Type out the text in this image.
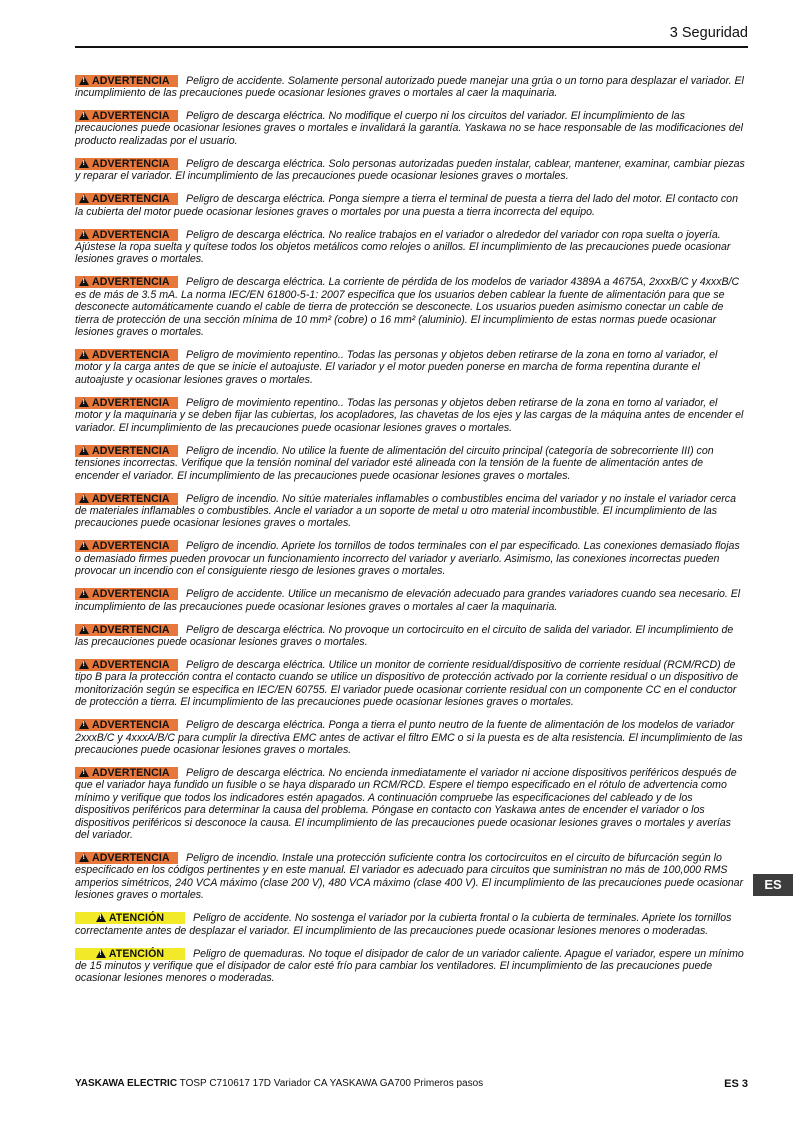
3 Seguridad

!ADVERTENCIA Peligro de accidente. Solamente personal autorizado puede manejar una grúa o un torno para desplazar el variador. El incumplimiento de las precauciones puede ocasionar lesiones graves o mortales al caer la maquinaria.

!ADVERTENCIA Peligro de descarga eléctrica. No modifique el cuerpo ni los circuitos del variador. El incumplimiento de las precauciones puede ocasionar lesiones graves o mortales e invalidará la garantía. Yaskawa no se hace responsable de las modificaciones del producto realizadas por el usuario.

!ADVERTENCIA Peligro de descarga eléctrica. Solo personas autorizadas pueden instalar, cablear, mantener, examinar, cambiar piezas y reparar el variador. El incumplimiento de las precauciones puede ocasionar lesiones graves o mortales.

!ADVERTENCIA Peligro de descarga eléctrica. Ponga siempre a tierra el terminal de puesta a tierra del lado del motor. El contacto con la cubierta del motor puede ocasionar lesiones graves o mortales por una puesta a tierra incorrecta del equipo.

!ADVERTENCIA Peligro de descarga eléctrica. No realice trabajos en el variador o alrededor del variador con ropa suelta o joyería. Ajústese la ropa suelta y quítese todos los objetos metálicos como relojes o anillos. El incumplimiento de las precauciones puede ocasionar lesiones graves o mortales.

!ADVERTENCIA Peligro de descarga eléctrica. La corriente de pérdida de los modelos de variador 4389A a 4675A, 2xxxB/C y 4xxxB/C es de más de 3.5 mA. La norma IEC/EN 61800-5-1: 2007 especifica que los usuarios deben cablear la fuente de alimentación para que se desconecte automáticamente cuando el cable de tierra de protección se desconecte. Los usuarios pueden asimismo conectar un cable de tierra de protección de una sección mínima de 10 mm² (cobre) o 16 mm² (aluminio). El incumplimiento de estas normas puede ocasionar lesiones graves o mortales.

!ADVERTENCIA Peligro de movimiento repentino.. Todas las personas y objetos deben retirarse de la zona en torno al variador, el motor y la carga antes de que se inicie el autoajuste. El variador y el motor pueden ponerse en marcha de forma repentina durante el autoajuste y ocasionar lesiones graves o mortales.

!ADVERTENCIA Peligro de movimiento repentino.. Todas las personas y objetos deben retirarse de la zona en torno al variador, el motor y la maquinaria y se deben fijar las cubiertas, los acopladores, las chavetas de los ejes y las cargas de la máquina antes de encender el variador. El incumplimiento de las precauciones puede ocasionar lesiones graves o mortales.

!ADVERTENCIA Peligro de incendio. No utilice la fuente de alimentación del circuito principal (categoría de sobrecorriente III) con tensiones incorrectas. Verifique que la tensión nominal del variador esté alineada con la tensión de la fuente de alimentación antes de encender el variador. El incumplimiento de las precauciones puede ocasionar lesiones graves o mortales.

!ADVERTENCIA Peligro de incendio. No sitúe materiales inflamables o combustibles encima del variador y no instale el variador cerca de materiales inflamables o combustibles. Ancle el variador a un soporte de metal u otro material incombustible. El incumplimiento de las precauciones puede ocasionar lesiones graves o mortales.

!ADVERTENCIA Peligro de incendio. Apriete los tornillos de todos terminales con el par especificado. Las conexiones demasiado flojas o demasiado firmes pueden provocar un funcionamiento incorrecto del variador y averiarlo. Asimismo, las conexiones incorrectas pueden provocar un incendio con el consiguiente riesgo de lesiones graves o mortales.

!ADVERTENCIA Peligro de accidente. Utilice un mecanismo de elevación adecuado para grandes variadores cuando sea necesario. El incumplimiento de las precauciones puede ocasionar lesiones graves o mortales al caer la maquinaria.

!ADVERTENCIA Peligro de descarga eléctrica. No provoque un cortocircuito en el circuito de salida del variador. El incumplimiento de las precauciones puede ocasionar lesiones graves o mortales.

!ADVERTENCIA Peligro de descarga eléctrica. Utilice un monitor de corriente residual/dispositivo de corriente residual (RCM/RCD) de tipo B para la protección contra el contacto cuando se utilice un dispositivo de protección activado por la corriente residual o un dispositivo de monitorización según se especifica en IEC/EN 60755. El variador puede ocasionar corriente residual con un componente CC en el conductor de protección a tierra. El incumplimiento de las precauciones puede ocasionar lesiones graves o mortales.

!ADVERTENCIA Peligro de descarga eléctrica. Ponga a tierra el punto neutro de la fuente de alimentación de los modelos de variador 2xxxB/C y 4xxxA/B/C para cumplir la directiva EMC antes de activar el filtro EMC o si la puesta es de alta resistencia. El incumplimiento de las precauciones puede ocasionar lesiones graves o mortales.

!ADVERTENCIA Peligro de descarga eléctrica. No encienda inmediatamente el variador ni accione dispositivos periféricos después de que el variador haya fundido un fusible o se haya disparado un RCM/RCD. Espere el tiempo especificado en el rótulo de advertencia como mínimo y verifique que todos los indicadores estén apagados. A continuación compruebe las especificaciones del cableado y de los dispositivos periféricos para determinar la causa del problema. Póngase en contacto con Yaskawa antes de encender el variador o los dispositivos periféricos si desconoce la causa. El incumplimiento de las precauciones puede ocasionar lesiones graves o mortales y averías del variador.

!ADVERTENCIA Peligro de incendio. Instale una protección suficiente contra los cortocircuitos en el circuito de bifurcación según lo especificado en los códigos pertinentes y en este manual. El variador es adecuado para circuitos que suministran no más de 100,000 RMS amperios simétricos, 240 VCA máximo (clase 200 V), 480 VCA máximo (clase 400 V). El incumplimiento de las precauciones puede ocasionar lesiones graves o mortales.

!ATENCIÓN	Peligro de accidente. No sostenga el variador por la cubierta frontal o la cubierta de terminales. Apriete los tornillos correctamente antes de desplazar el variador. El incumplimiento de las precauciones puede ocasionar lesiones menores o moderadas.

!ATENCIÓN	Peligro de quemaduras. No toque el disipador de calor de un variador caliente. Apague el variador, espere un mínimo de 15 minutos y verifique que el disipador de calor esté frío para cambiar los ventiladores. El incumplimiento de las precauciones puede ocasionar lesiones menores o moderadas.

ES
YASKAWA ELECTRIC TOSP C710617 17D Variador CA YASKAWA GA700 Primeros pasos	ES 3
